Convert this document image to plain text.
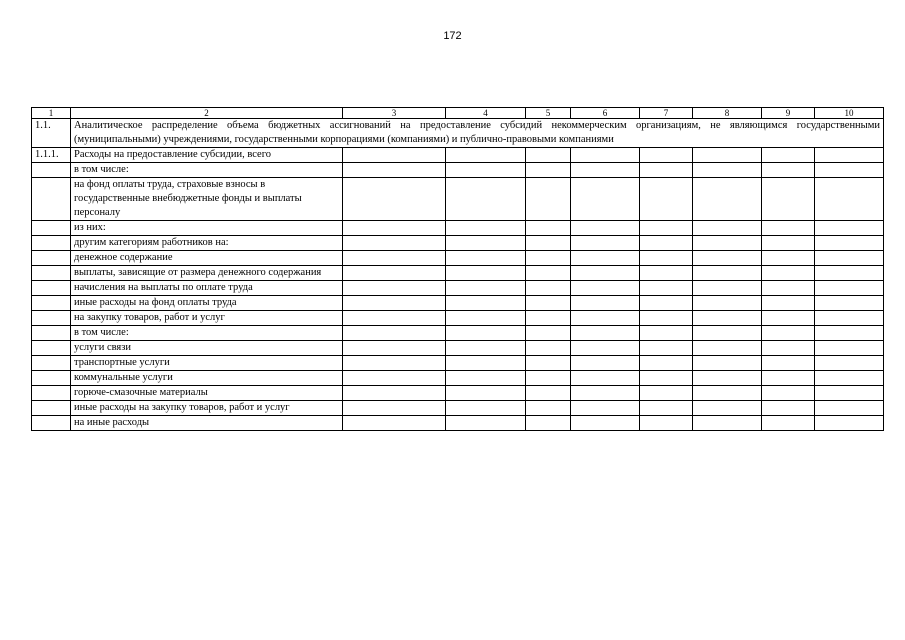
172
1	2	3	4	5	6	7	8	9	10
1.1.	Аналитическое распределение объема бюджетных ассигнований на предоставление субсидий некоммерческим организациям, не являющимся государственными (муниципальными) учреждениями, государственными корпорациями (компаниями) и публично-правовыми компаниями								
1.1.1.	Расходы на предоставление субсидии, всего								
	в том числе:								
	на фонд оплаты труда, страховые взносы в государственные внебюджетные фонды и выплаты персоналу								
	из них:								
	другим категориям работников на:								
	денежное содержание								
	выплаты, зависящие от размера денежного содержания								
	начисления на выплаты по оплате труда								
	иные расходы на фонд оплаты труда								
	на закупку товаров, работ и услуг								
	в том числе:								
	услуги связи								
	транспортные услуги								
	коммунальные услуги								
	горюче-смазочные материалы								
	иные расходы на закупку товаров, работ и услуг								
	на иные расходы								
